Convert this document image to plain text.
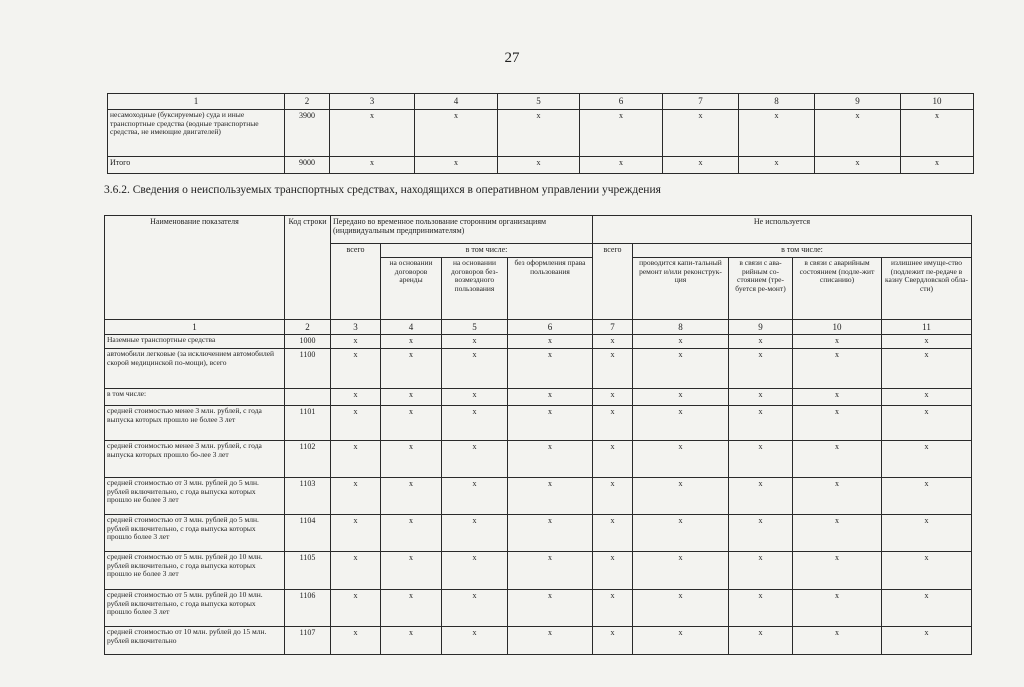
27
1	2	3	4	5	6	7	8	9	10
несамоходные (буксируемые) суда и иные транспортные средства (водные транспортные средства, не имеющие двигателей)	3900	х	х	х	х	х	х	х	х
Итого	9000	х	х	х	х	х	х	х	х
3.6.2. Сведения о неиспользуемых транспортных средствах, находящихся в оперативном управлении учреждения
Наименование показателя	Код строки	Передано во временное пользование сторонним организациям (индивидуальным предпринимателям)				Не используется				
		всего	в том числе:			всего	в том числе:			
			на основании договоров аренды	на основании договоров без-возмездного пользования	без оформления права пользования		проводится капи-тальный ремонт и/или реконструк-ция	в связи с ава-рийным со-стоянием (тре-буется ре-монт)	в связи с аварийным состоянием (подле-жит списанию)	излишнее имуще-ство (подлежит пе-редаче в казну Свердловской обла-сти)
1	2	3	4	5	6	7	8	9	10	11
Наземные транспортные средства	1000	х	х	х	х	х	х	х	х	х
автомобили легковые (за исключением автомобилей скорой медицинской по-мощи), всего	1100	х	х	х	х	х	х	х	х	х
в том числе:		х	х	х	х	х	х	х	х	х
средней стоимостью менее 3 млн. рублей, с года выпуска которых прошло не более 3 лет	1101	х	х	х	х	х	х	х	х	х
средней стоимостью менее 3 млн. рублей, с года выпуска которых прошло бо-лее 3 лет	1102	х	х	х	х	х	х	х	х	х
средней стоимостью от 3 млн. рублей до 5 млн. рублей включительно, с года выпуска которых прошло не более 3 лет	1103	х	х	х	х	х	х	х	х	х
средней стоимостью от 3 млн. рублей до 5 млн. рублей включительно, с года выпуска которых прошло более 3 лет	1104	х	х	х	х	х	х	х	х	х
средней стоимостью от 5 млн. рублей до 10 млн. рублей включительно, с года выпуска которых прошло не более 3 лет	1105	х	х	х	х	х	х	х	х	х
средней стоимостью от 5 млн. рублей до 10 млн. рублей включительно, с года выпуска которых прошло более 3 лет	1106	х	х	х	х	х	х	х	х	х
средней стоимостью от 10 млн. рублей до 15 млн. рублей включительно	1107	х	х	х	х	х	х	х	х	х
